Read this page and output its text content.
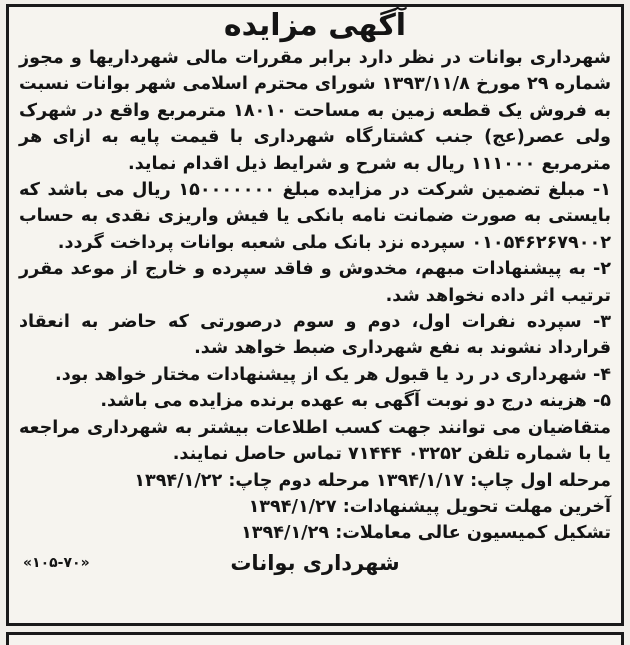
آگهی مزایده

شهرداری بوانات در نظر دارد برابر مقررات مالی شهرداریها و مجوز شماره ۲۹ مورخ ۱۳۹۳/۱۱/۸ شورای محترم اسلامی شهر بوانات نسبت به فروش یک قطعه زمین به مساحت ۱۸۰۱۰ مترمربع واقع در شهرک ولی عصر(عج) جنب کشتارگاه شهرداری با قیمت پایه به ازای هر مترمربع ۱۱۱۰۰۰ ریال به شرح و شرایط ذیل اقدام نماید.

۱- مبلغ تضمین شرکت در مزایده مبلغ ۱۵۰۰۰۰۰۰۰ ریال می باشد که بایستی به صورت ضمانت نامه بانکی یا فیش واریزی نقدی به حساب ۰۱۰۵۴۶۲۶۷۹۰۰۲ سپرده نزد بانک ملی شعبه بوانات پرداخت گردد.

۲- به پیشنهادات مبهم، مخدوش و فاقد سپرده و خارج از موعد مقرر ترتیب اثر داده نخواهد شد.

۳- سپرده نفرات اول، دوم و سوم درصورتی که حاضر به انعقاد قرارداد نشوند به نفع شهرداری ضبط خواهد شد.

۴- شهرداری در رد یا قبول هر یک از پیشنهادات مختار خواهد بود.

۵- هزینه درج دو نوبت آگهی به عهده برنده مزایده می باشد.

متقاضیان می توانند جهت کسب اطلاعات بیشتر به شهرداری مراجعه یا با شماره تلفن ۰۳۲۵۲ ۷۱۴۴۴ تماس حاصل نمایند.

مرحله اول چاپ: ۱۳۹۴/۱/۱۷ مرحله دوم چاپ: ۱۳۹۴/۱/۲۲
آخرین مهلت تحویل پیشنهادات: ۱۳۹۴/۱/۲۷
تشکیل کمیسیون عالی معاملات: ۱۳۹۴/۱/۲۹
شهرداری بوانات
«۱۰۵-۷۰»
